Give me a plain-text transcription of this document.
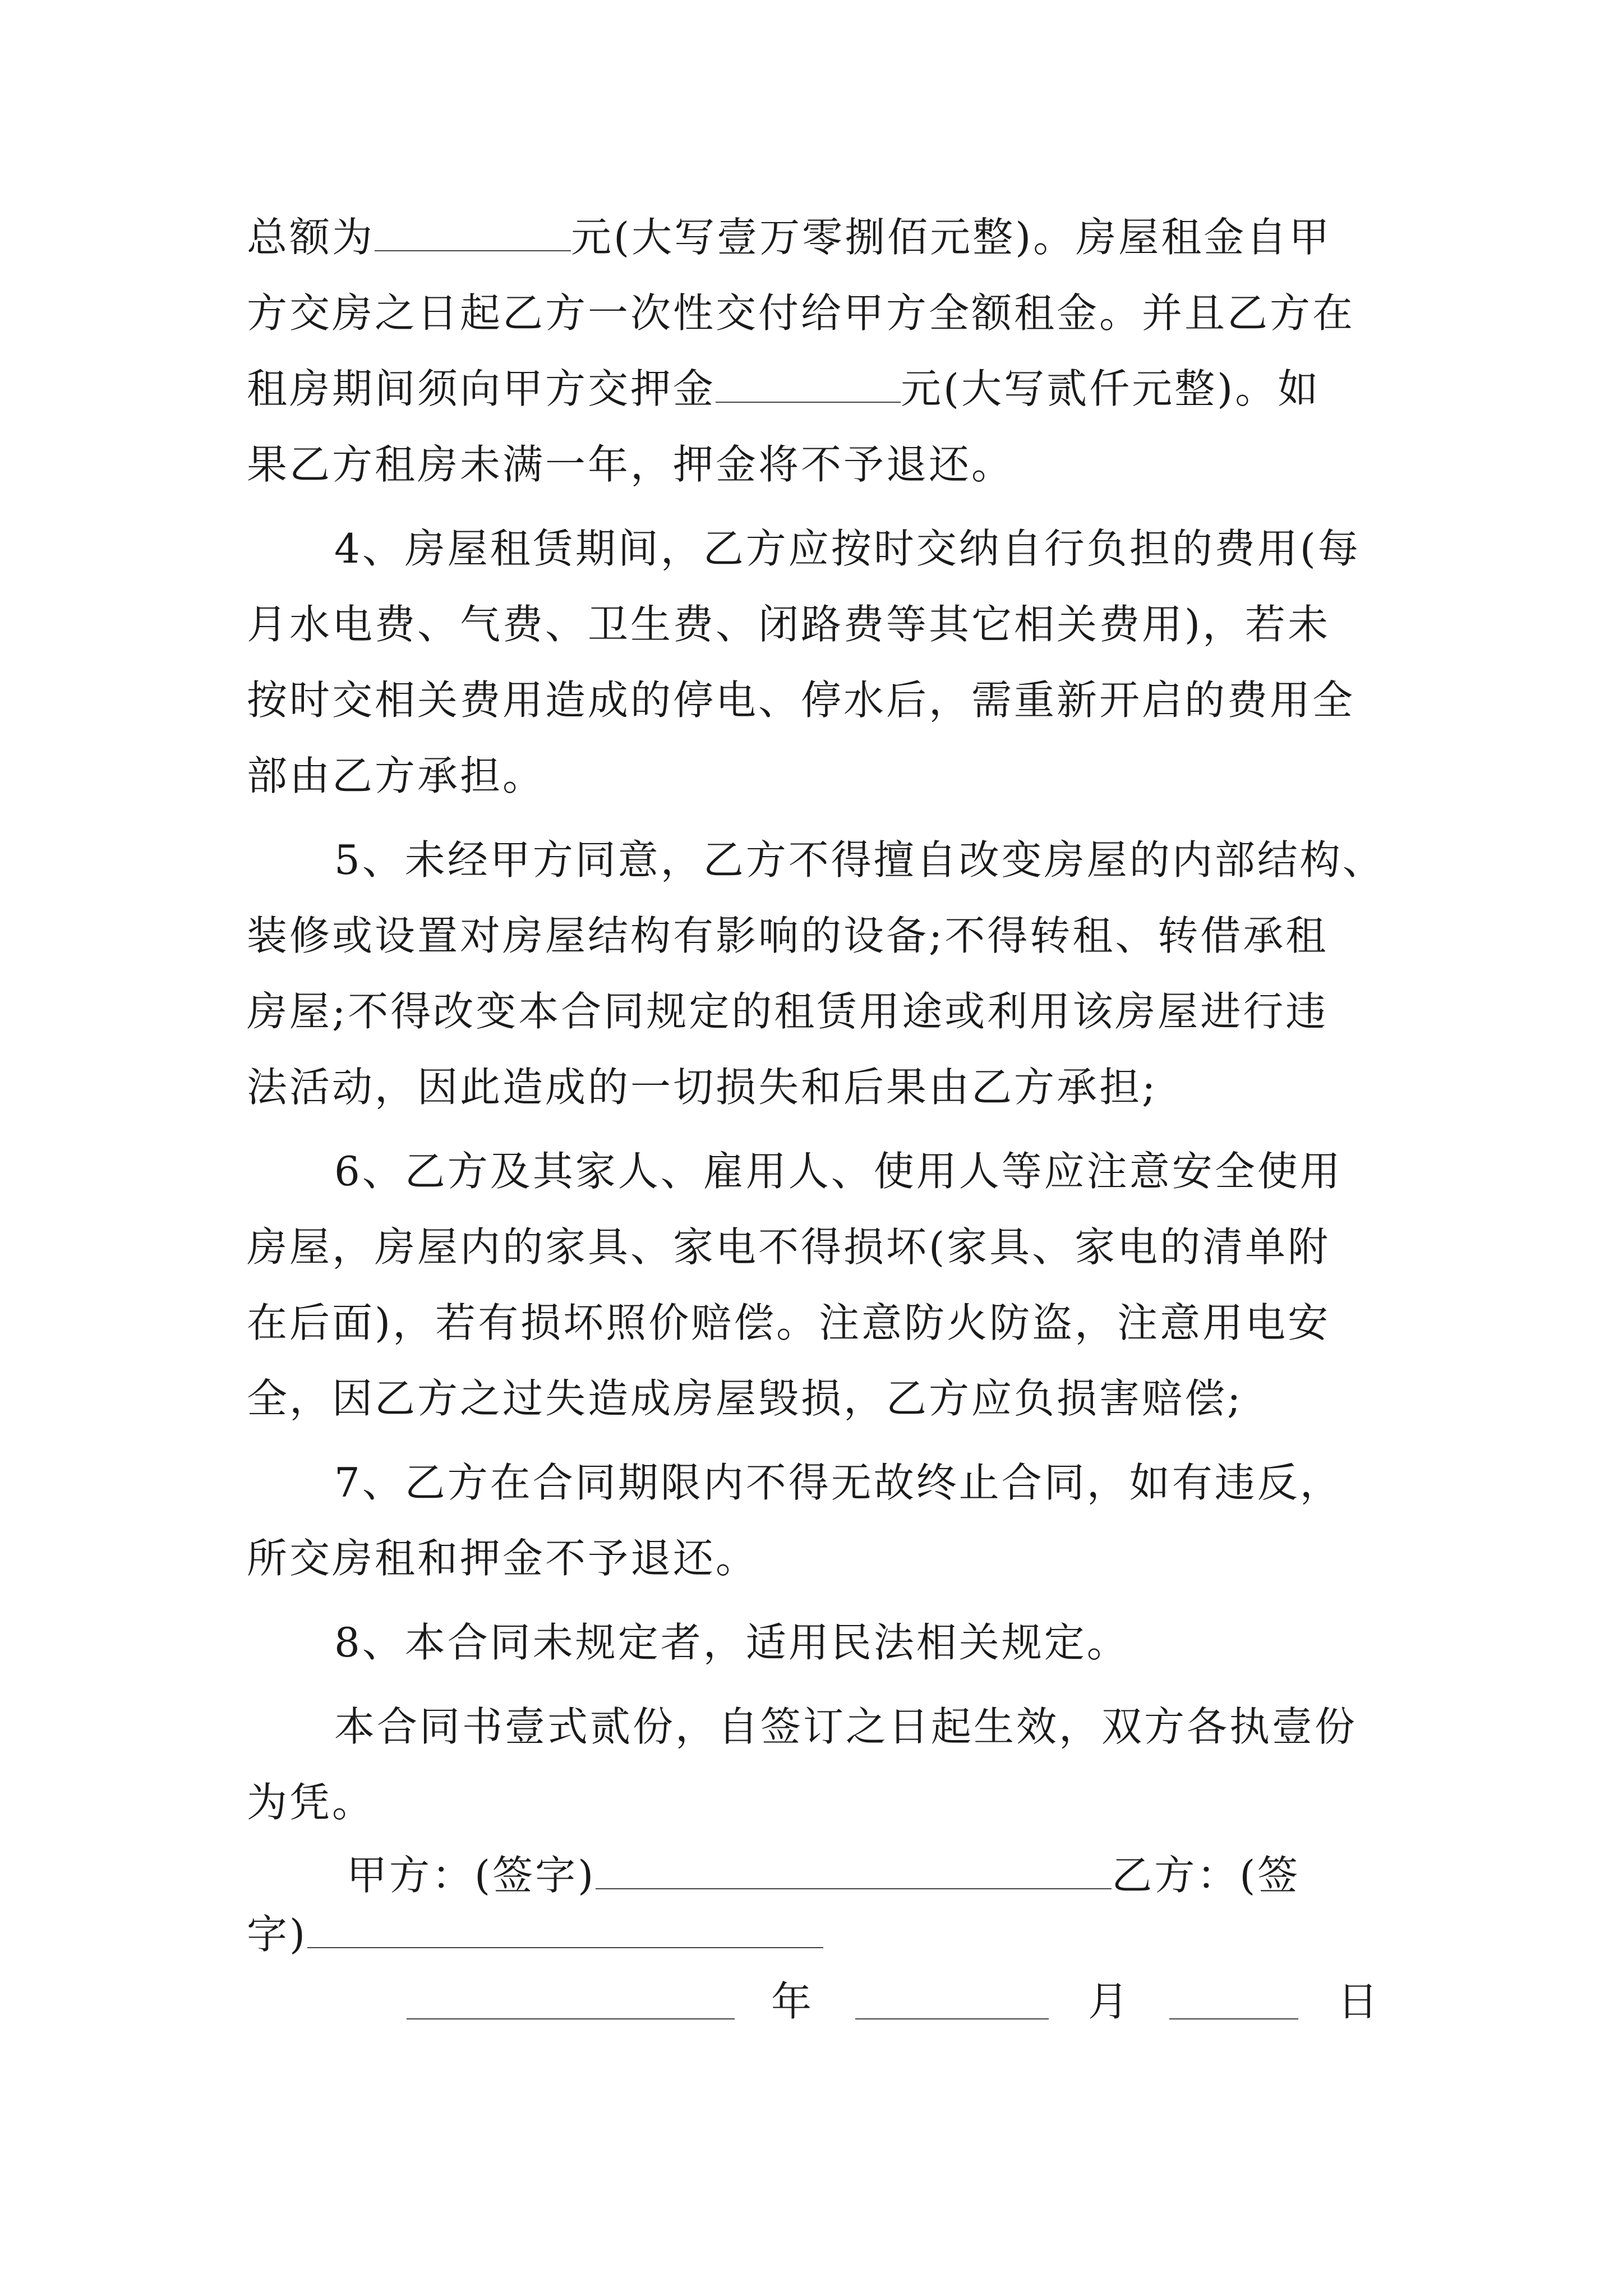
总额为	元(大写壹万零捌佰元整)。房屋租金自甲
方交房之日起乙方一次性交付给甲方全额租金。并且乙方在
租房期间须向甲方交押金	元(大写贰仟元整)。如
果乙方租房未满一年，押金将不予退还。
4、房屋租赁期间，乙方应按时交纳自行负担的费用(每
月水电费、气费、卫生费、闭路费等其它相关费用)，若未
按时交相关费用造成的停电、停水后，需重新开启的费用全
部由乙方承担。
5、未经甲方同意，乙方不得擅自改变房屋的内部结构、
装修或设置对房屋结构有影响的设备;不得转租、转借承租
房屋;不得改变本合同规定的租赁用途或利用该房屋进行违
法活动，因此造成的一切损失和后果由乙方承担;
6、乙方及其家人、雇用人、使用人等应注意安全使用
房屋，房屋内的家具、家电不得损坏(家具、家电的清单附
在后面)，若有损坏照价赔偿。注意防火防盗，注意用电安
全，因乙方之过失造成房屋毁损，乙方应负损害赔偿;
7、乙方在合同期限内不得无故终止合同，如有违反，
所交房租和押金不予退还。
8、本合同未规定者，适用民法相关规定。
本合同书壹式贰份，自签订之日起生效，双方各执壹份
为凭。
甲方：(签字)	乙方：(签
字)
年	月	日
